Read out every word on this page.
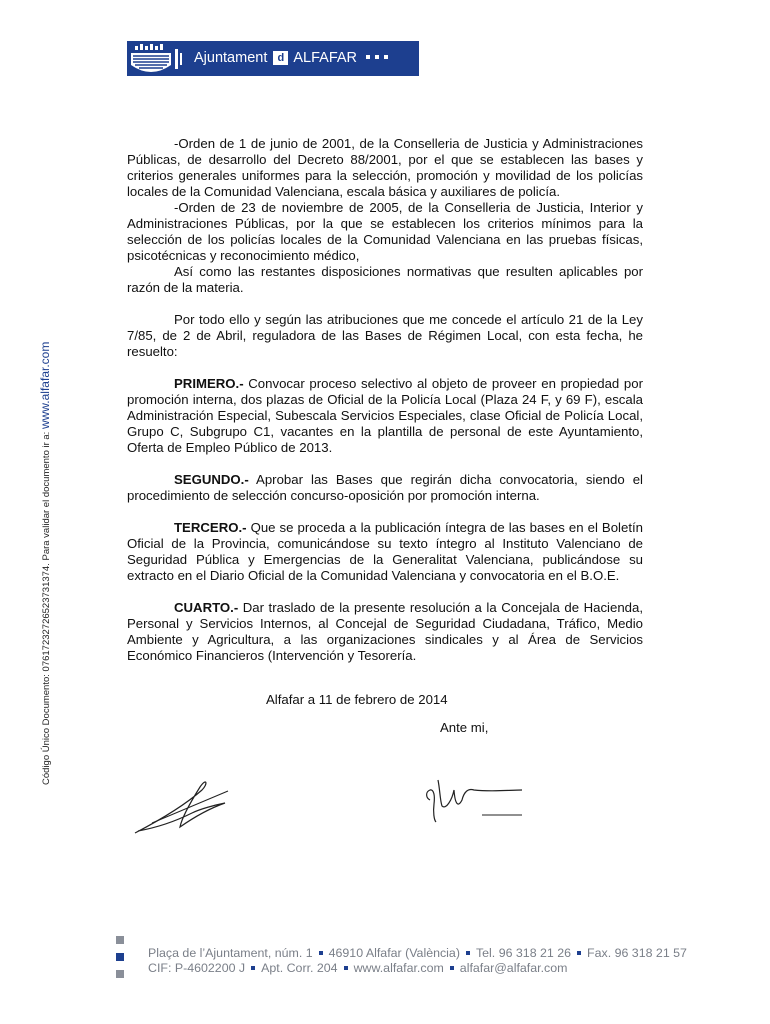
Ajuntament d ALFAFAR
Código Único Documento: 07617232726523731374. Para validar el documento ir a: www.alfafar.com

-Orden de 1 de junio de 2001, de la Conselleria de Justicia y Administraciones Públicas, de desarrollo del Decreto 88/2001, por el que se establecen las bases y criterios generales uniformes para la selección, promoción y movilidad de los policías locales de la Comunidad Valenciana, escala básica y auxiliares de policía.

-Orden de 23 de noviembre de 2005, de la Conselleria de Justicia, Interior y Administraciones Públicas, por la que se establecen los criterios mínimos para la selección de los policías locales de la Comunidad Valenciana en las pruebas físicas, psicotécnicas y reconocimiento médico,

Así como las restantes disposiciones normativas que resulten aplicables por razón de la materia.

Por todo ello y según las atribuciones que me concede el artículo 21 de la Ley 7/85, de 2 de Abril, reguladora de las Bases de Régimen Local, con esta fecha, he resuelto:

PRIMERO.- Convocar proceso selectivo al objeto de proveer en propiedad por promoción interna, dos plazas de Oficial de la Policía Local (Plaza 24 F, y 69 F), escala Administración Especial, Subescala Servicios Especiales, clase Oficial de Policía Local, Grupo C, Subgrupo C1, vacantes en la plantilla de personal de este Ayuntamiento, Oferta de Empleo Público de 2013.

SEGUNDO.- Aprobar las Bases que regirán dicha convocatoria, siendo el procedimiento de selección concurso-oposición por promoción interna.

TERCERO.- Que se proceda a la publicación íntegra de las bases en el Boletín Oficial de la Provincia, comunicándose su texto íntegro al Instituto Valenciano de Seguridad Pública y Emergencias de la Generalitat Valenciana, publicándose su extracto en el Diario Oficial de la Comunidad Valenciana y convocatoria en el B.O.E.

CUARTO.- Dar traslado de la presente resolución a la Concejala de Hacienda, Personal y Servicios Internos, al Concejal de Seguridad Ciudadana, Tráfico, Medio Ambiente y Agricultura, a las organizaciones sindicales y al Área de Servicios Económico Financieros (Intervención y Tesorería.

Alfafar a 11 de febrero de 2014
Ante mi,
Plaça de l’Ajuntament, núm. 1 46910 Alfafar (València) Tel. 96 318 21 26 Fax. 96 318 21 57
CIF: P-4602200 J Apt. Corr. 204 www.alfafar.com alfafar@alfafar.com
